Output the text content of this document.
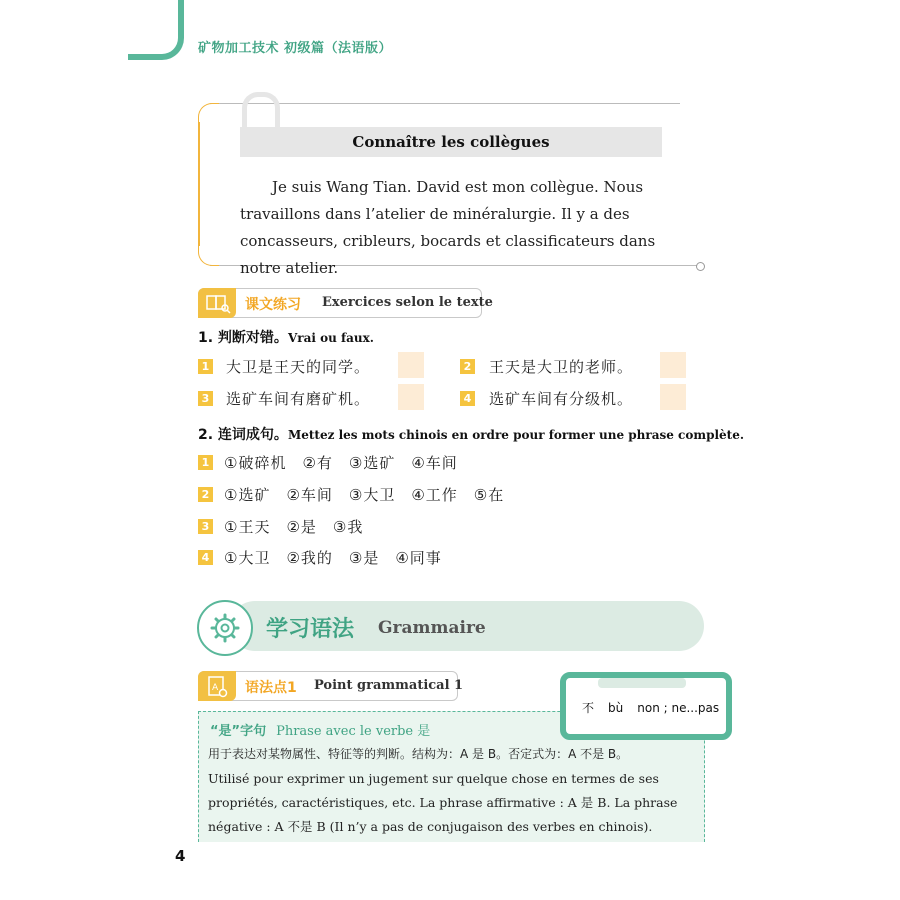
矿物加工技术 初级篇（法语版）
Connaître les collègues
Je suis Wang Tian. David est mon collègue. Nous travaillons dans l’atelier de minéralurgie. Il y a des concasseurs, cribleurs, bocards et classificateurs dans notre atelier.
课文练习 Exercices selon le texte
1. 判断对错。Vrai ou faux.
1 大卫是王天的同学。	2 王天是大卫的老师。
3 选矿车间有磨矿机。	4 选矿车间有分级机。
2. 连词成句。Mettez les mots chinois en ordre pour former une phrase complète.
1 ①破碎机　②有　③选矿　④车间
2 ①选矿　②车间　③大卫　④工作　⑤在
3 ①王天　②是　③我
4 ①大卫　②我的　③是　④同事
学习语法 Grammaire
A 语法点1 Point grammatical 1
“是”字句 Phrase avec le verbe 是
用于表达对某物属性、特征等的判断。结构为：A 是 B。否定式为：A 不是 B。
Utilisé pour exprimer un jugement sur quelque chose en termes de ses propriétés, caractéristiques, etc. La phrase affirmative : A 是 B. La phrase négative : A 不是 B (Il n’y a pas de conjugaison des verbes en chinois).
不 bù non ; ne...pas
4
